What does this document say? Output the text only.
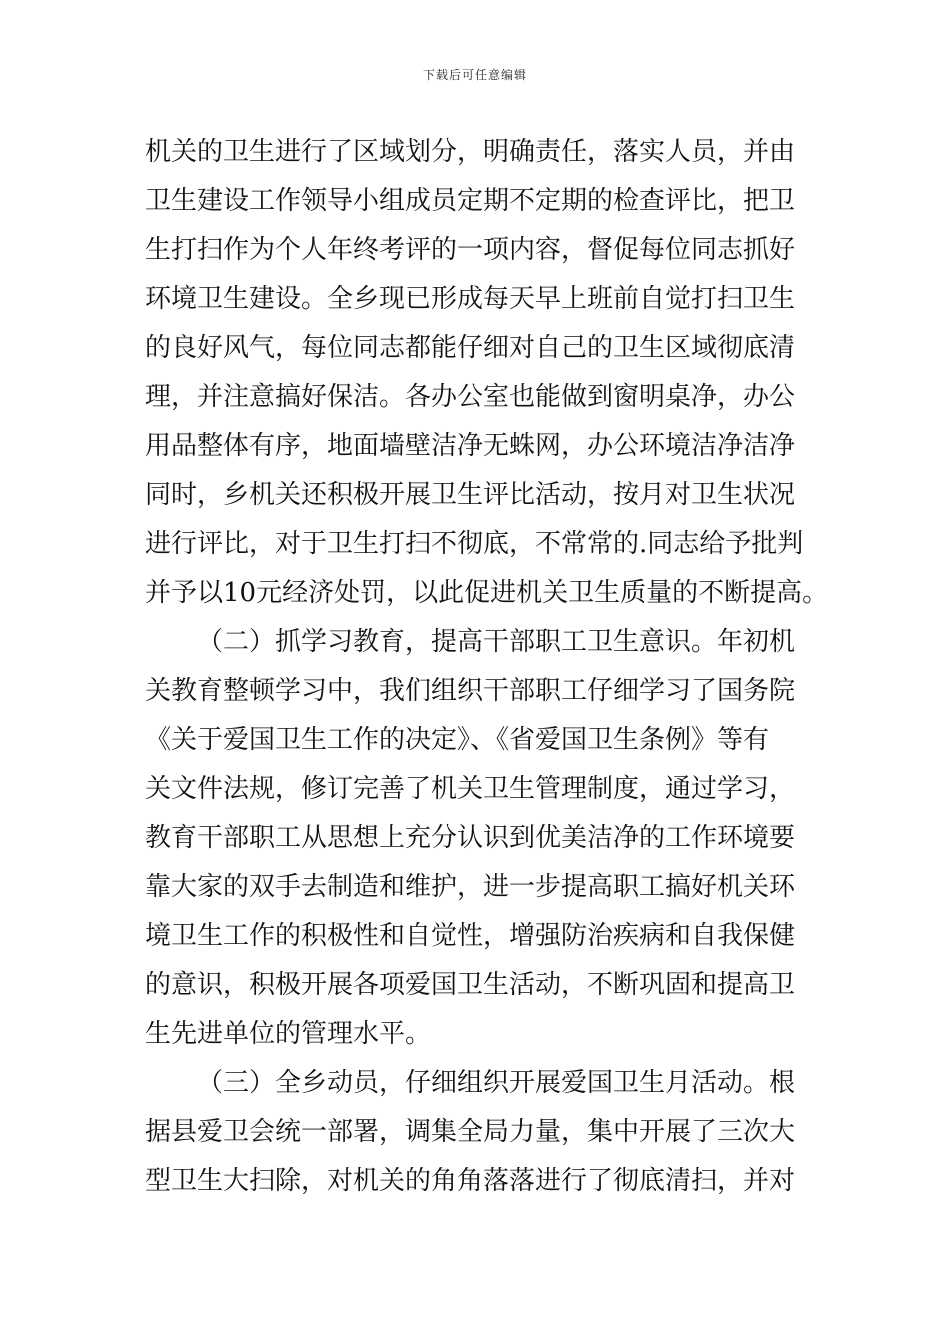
下载后可任意编辑
机关的卫生进行了区域划分，明确责任，落实人员，并由
卫生建设工作领导小组成员定期不定期的检查评比，把卫
生打扫作为个人年终考评的一项内容，督促每位同志抓好
环境卫生建设。全乡现已形成每天早上班前自觉打扫卫生
的良好风气，每位同志都能仔细对自己的卫生区域彻底清
理，并注意搞好保洁。各办公室也能做到窗明桌净，办公
用品整体有序，地面墙壁洁净无蛛网，办公环境洁净洁净
同时，乡机关还积极开展卫生评比活动，按月对卫生状况
进行评比，对于卫生打扫不彻底，不常常的.同志给予批判
并予以10元经济处罚，以此促进机关卫生质量的不断提高。
（二）抓学习教育，提高干部职工卫生意识。年初机
关教育整顿学习中，我们组织干部职工仔细学习了国务院
《关于爱国卫生工作的决定》、《省爱国卫生条例》等有
关文件法规，修订完善了机关卫生管理制度，通过学习，
教育干部职工从思想上充分认识到优美洁净的工作环境要
靠大家的双手去制造和维护，进一步提高职工搞好机关环
境卫生工作的积极性和自觉性，增强防治疾病和自我保健
的意识，积极开展各项爱国卫生活动，不断巩固和提高卫
生先进单位的管理水平。
（三）全乡动员，仔细组织开展爱国卫生月活动。根
据县爱卫会统一部署，调集全局力量，集中开展了三次大
型卫生大扫除，对机关的角角落落进行了彻底清扫，并对
